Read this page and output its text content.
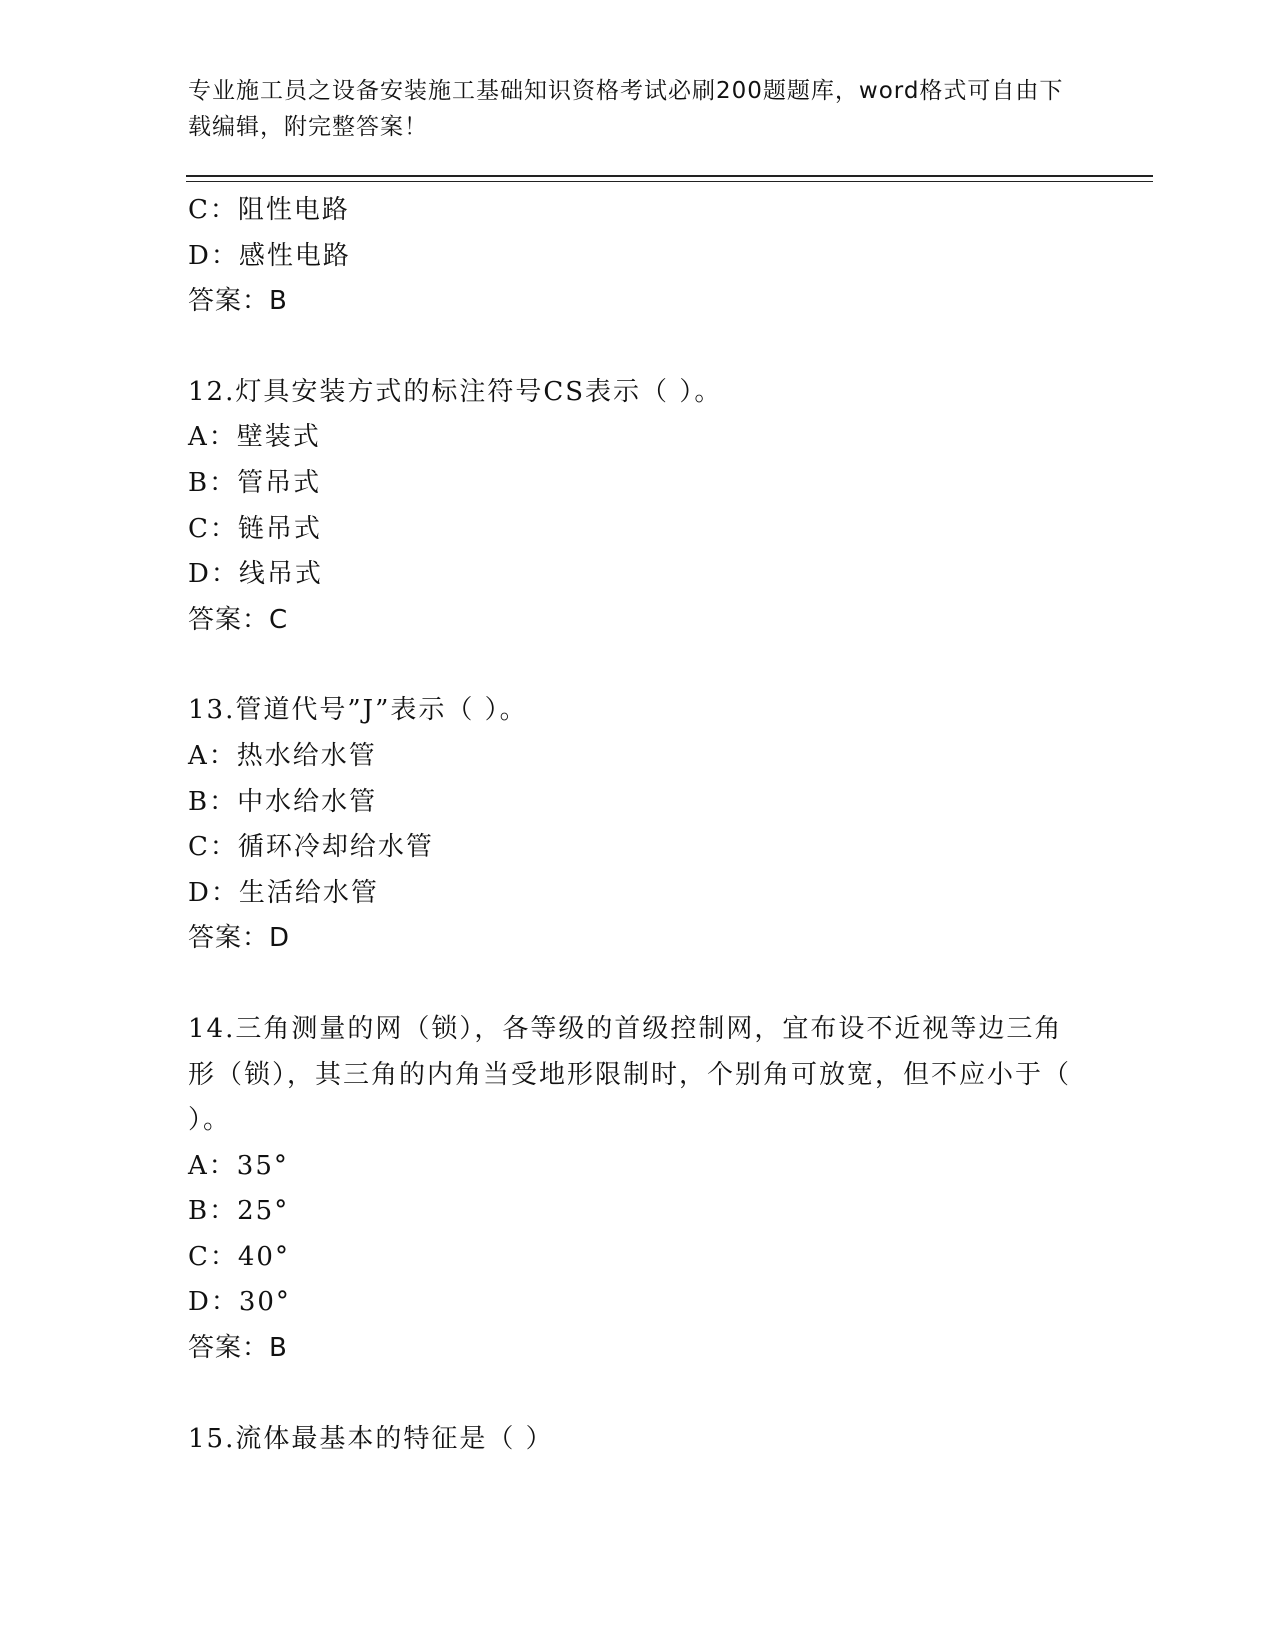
专业施工员之设备安装施工基础知识资格考试必刷200题题库，word格式可自由下载编辑，附完整答案！
C：阻性电路
D：感性电路
答案：B
12.灯具安装方式的标注符号CS表示（ ）。
A：壁装式
B：管吊式
C：链吊式
D：线吊式
答案：C
13.管道代号”J”表示（ ）。
A：热水给水管
B：中水给水管
C：循环冷却给水管
D：生活给水管
答案：D
14.三角测量的网（锁），各等级的首级控制网，宜布设不近视等边三角形（锁），其三角的内角当受地形限制时，个别角可放宽，但不应小于（ ）。
A：35°
B：25°
C：40°
D：30°
答案：B
15.流体最基本的特征是（ ）
